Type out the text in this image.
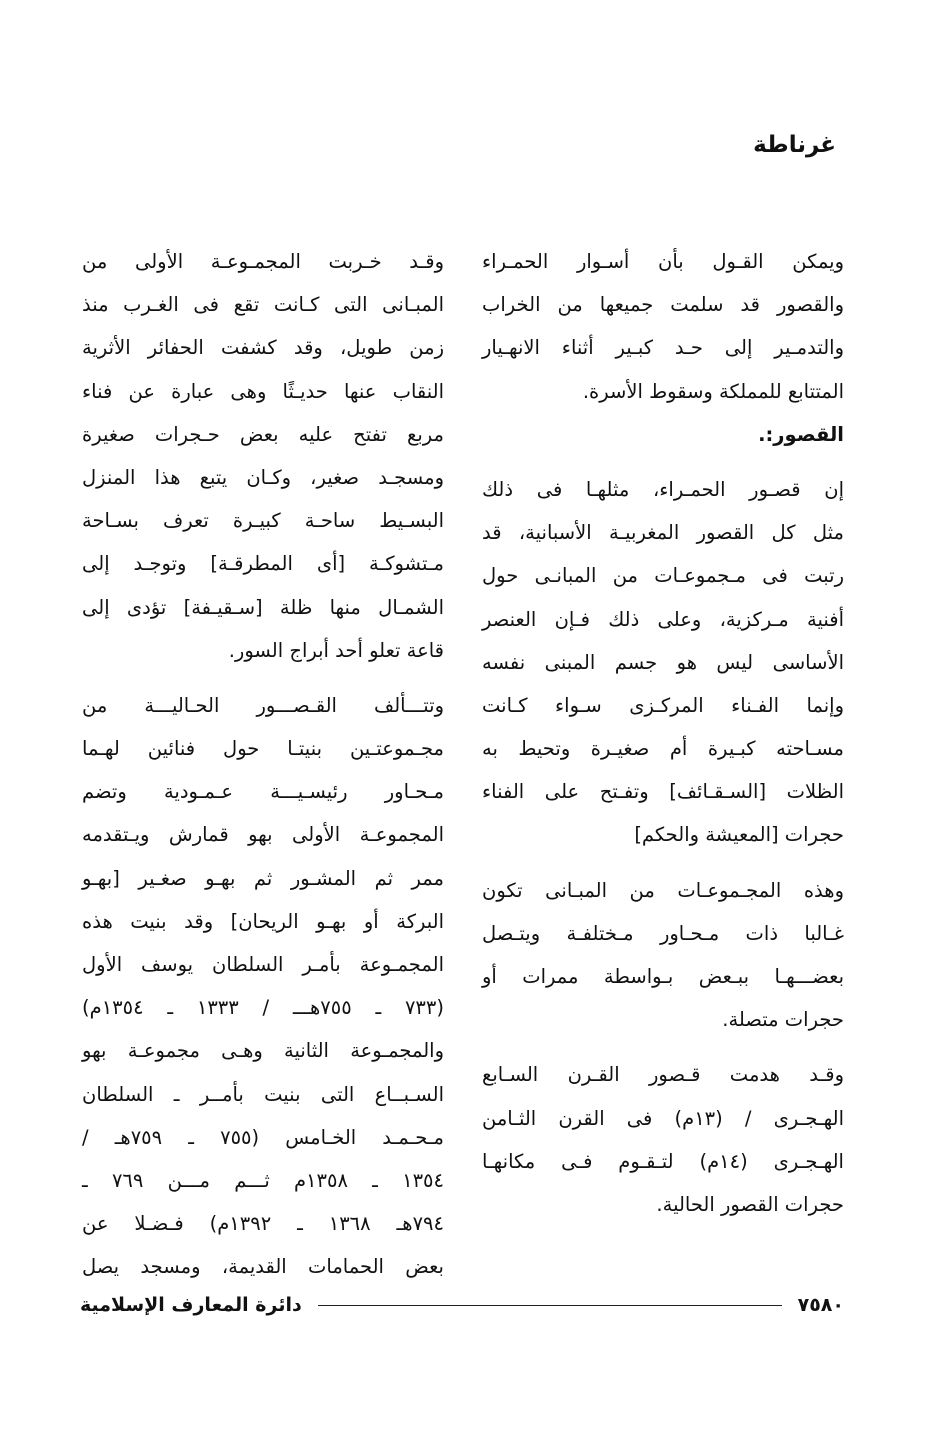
غرناطة
ويمكن القـول بأن أسـوار الحمـراء
والقصور قد سلمت جميعها من الخراب
والتدمـير إلى حـد كبـير أثناء الانهـيار
المتتابع للمملكة وسقوط الأسرة.
القصور:.
إن قصـور الحمـراء، مثلهـا فى ذلك
مثل كل القصور المغربيـة الأسبانية، قد
رتبت فى مـجموعـات من المبانـى حول
أفنية مـركزية، وعلى ذلك فـإن العنصر
الأساسى ليس هو جسم المبنى نفسه
وإنما الفـناء المركـزى سـواء كـانت
مسـاحته كبـيرة أم صغيـرة وتحيط به
الظلات [السـقـائف] وتفـتح على الفناء
حجرات [المعيشة والحكم]
وهذه المجـموعـات من المبـانى تكون
غـالبا ذات مـحـاور مـختلفـة ويتـصل
بعضـــهـا ببـعض بـواسطة ممرات أو
حجرات متصلة.
وقـد هدمت قـصور القـرن السـابع
الهـجـرى / (١٣م) فى القرن الثـامن
الهـجـرى (١٤م) لتـقـوم فـى مكانهـا
حجرات القصور الحالية.
وقـد خـربت المجمـوعـة الأولى من
المبـانى التى كـانت تقع فى الغـرب منذ
زمن طويل، وقد كشفت الحفائر الأثرية
النقاب عنها حديـثًا وهى عبارة عن فناء
مربع تفتح عليه بعض حـجرات صغيرة
ومسجـد صغير، وكـان يتبع هذا المنزل
البسـيط ساحـة كبيـرة تعرف بسـاحة
مـتشوكـة [أى المطرقـة] وتوجـد إلى
الشمـال منها ظلة [سـقيـفة] تؤدى إلى
قاعة تعلو أحد أبراج السور.
وتتـــألف القـصـــور الحـاليـــة من
مجـموعتـين بنيتـا حول فنائين لهـما
مـحـاور رئيسـيـــة عـمـودية وتضم
المجموعـة الأولى بهو قمارش ويـتقدمه
ممر ثم المشـور ثم بهـو صغـير [بهـو
البركة أو بهـو الريحان] وقد بنيت هذه
المجمـوعة بأمـر السلطان يوسف الأول
(٧٣٣ ـ ٧٥٥هـــ / ١٣٣٣ ـ ١٣٥٤م)
والمجمـوعة الثانية وهـى مجموعـة بهو
السـبــاع التى بنيت بأمــر ـ السلطان
مـحـمـد الخـامس (٧٥٥ ـ ٧٥٩هـ /
١٣٥٤ ـ ١٣٥٨م ثـــم مـــن ٧٦٩ ـ
٧٩٤هـ ١٣٦٨ ـ ١٣٩٢م) فـضـلا عن
بعض الحمامات القديمة، ومسجد يصل
٧٥٨٠
دائرة المعارف الإسلامية
